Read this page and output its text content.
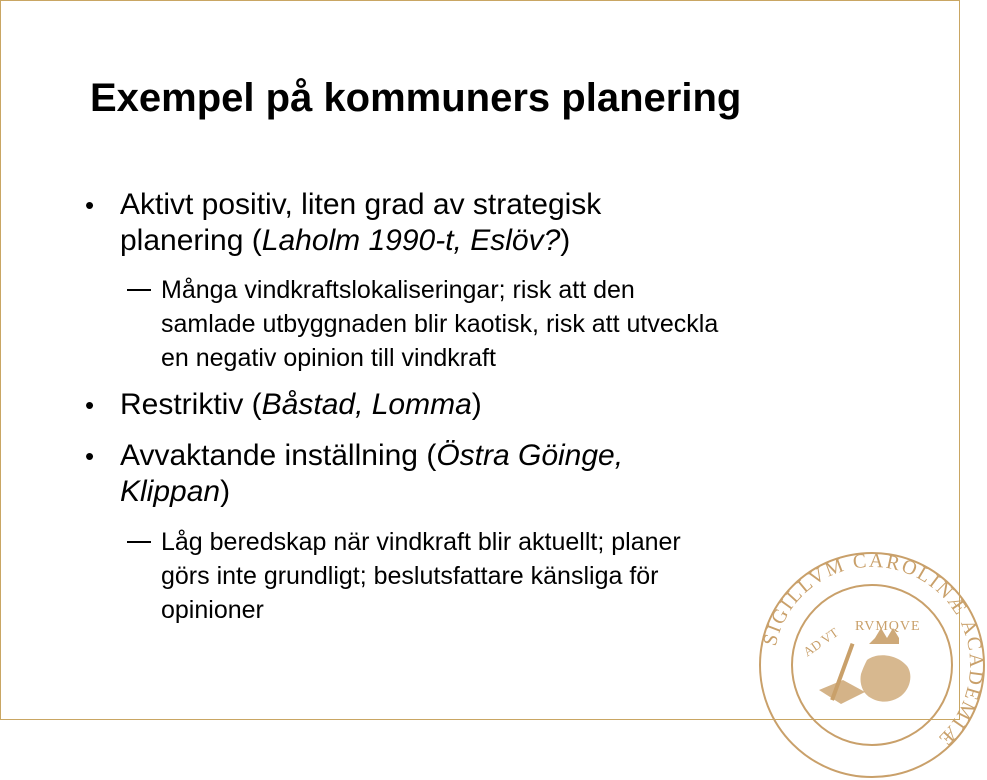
Exempel på kommuners planering
• Aktivt positiv, liten grad av strategisk
planering (Laholm 1990-t, Eslöv?)
Många vindkraftslokaliseringar; risk att den
samlade utbyggnaden blir kaotisk, risk att utveckla
en negativ opinion till vindkraft
• Restriktiv (Båstad, Lomma)
• Avvaktande inställning (Östra Göinge,
Klippan)
Låg beredskap när vindkraft blir aktuellt; planer
görs inte grundligt; beslutsfattare känsliga för
opinioner
SIGILLVM CAROLINÆ ACADEMIÆ
RVMQVE
AD VT
